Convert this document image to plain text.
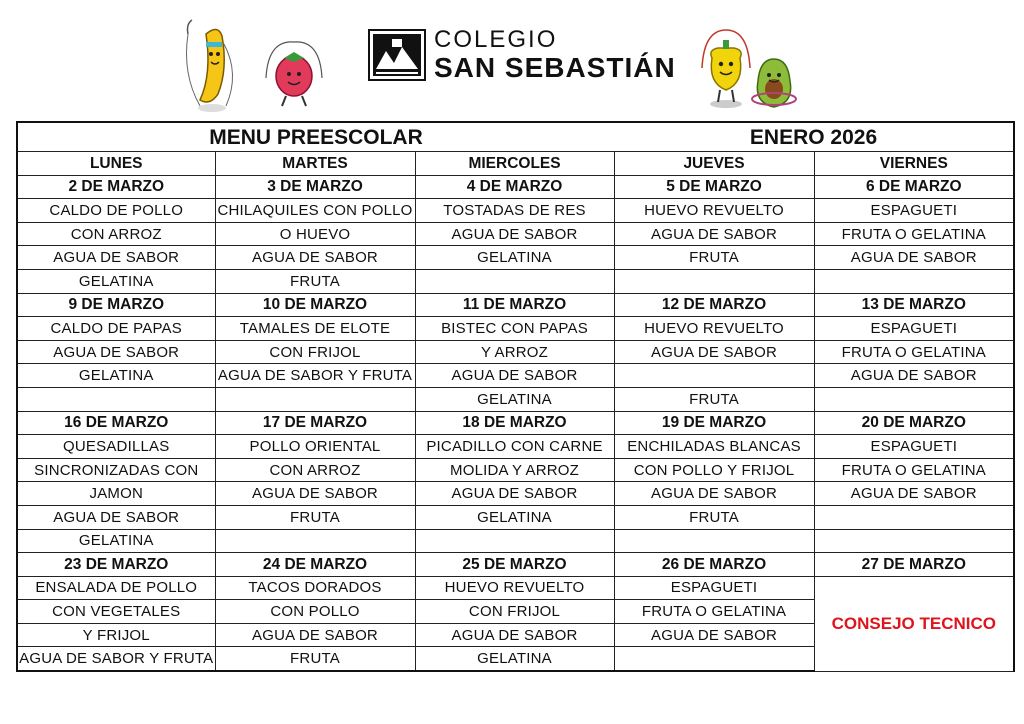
COLEGIO
SAN SEBASTIÁN
MENU PREESCOLAR			ENERO 2026	
LUNES	MARTES	MIERCOLES	JUEVES	VIERNES
2 DE MARZO	3 DE MARZO	4 DE MARZO	5 DE MARZO	6 DE MARZO
CALDO DE POLLO	CHILAQUILES CON POLLO	TOSTADAS DE RES	HUEVO REVUELTO	ESPAGUETI
CON ARROZ	O HUEVO	AGUA DE SABOR	AGUA DE SABOR	FRUTA O GELATINA
AGUA DE SABOR	AGUA DE SABOR	GELATINA	FRUTA	AGUA DE SABOR
GELATINA	FRUTA			
9 DE MARZO	10 DE MARZO	11 DE MARZO	12 DE MARZO	13 DE MARZO
CALDO DE PAPAS	TAMALES DE ELOTE	BISTEC CON PAPAS	HUEVO REVUELTO	ESPAGUETI
AGUA DE SABOR	CON FRIJOL	Y ARROZ	AGUA DE SABOR	FRUTA O GELATINA
GELATINA	AGUA DE SABOR Y FRUTA	AGUA DE SABOR		AGUA DE SABOR
		GELATINA	FRUTA	
16 DE MARZO	17 DE MARZO	18 DE MARZO	19 DE MARZO	20 DE MARZO
QUESADILLAS	POLLO ORIENTAL	PICADILLO CON CARNE	ENCHILADAS BLANCAS	ESPAGUETI
SINCRONIZADAS CON	CON ARROZ	MOLIDA Y ARROZ	CON POLLO Y FRIJOL	FRUTA O GELATINA
JAMON	AGUA DE SABOR	AGUA DE SABOR	AGUA DE SABOR	AGUA DE SABOR
AGUA DE SABOR	FRUTA	GELATINA	FRUTA	
GELATINA				
23 DE MARZO	24 DE MARZO	25 DE MARZO	26 DE MARZO	27 DE MARZO
ENSALADA DE POLLO	TACOS DORADOS	HUEVO REVUELTO	ESPAGUETI	CONSEJO TECNICO
CON VEGETALES	CON POLLO	CON FRIJOL	FRUTA O GELATINA	
Y FRIJOL	AGUA DE SABOR	AGUA DE SABOR	AGUA DE SABOR	
AGUA DE SABOR Y FRUTA	FRUTA	GELATINA		
